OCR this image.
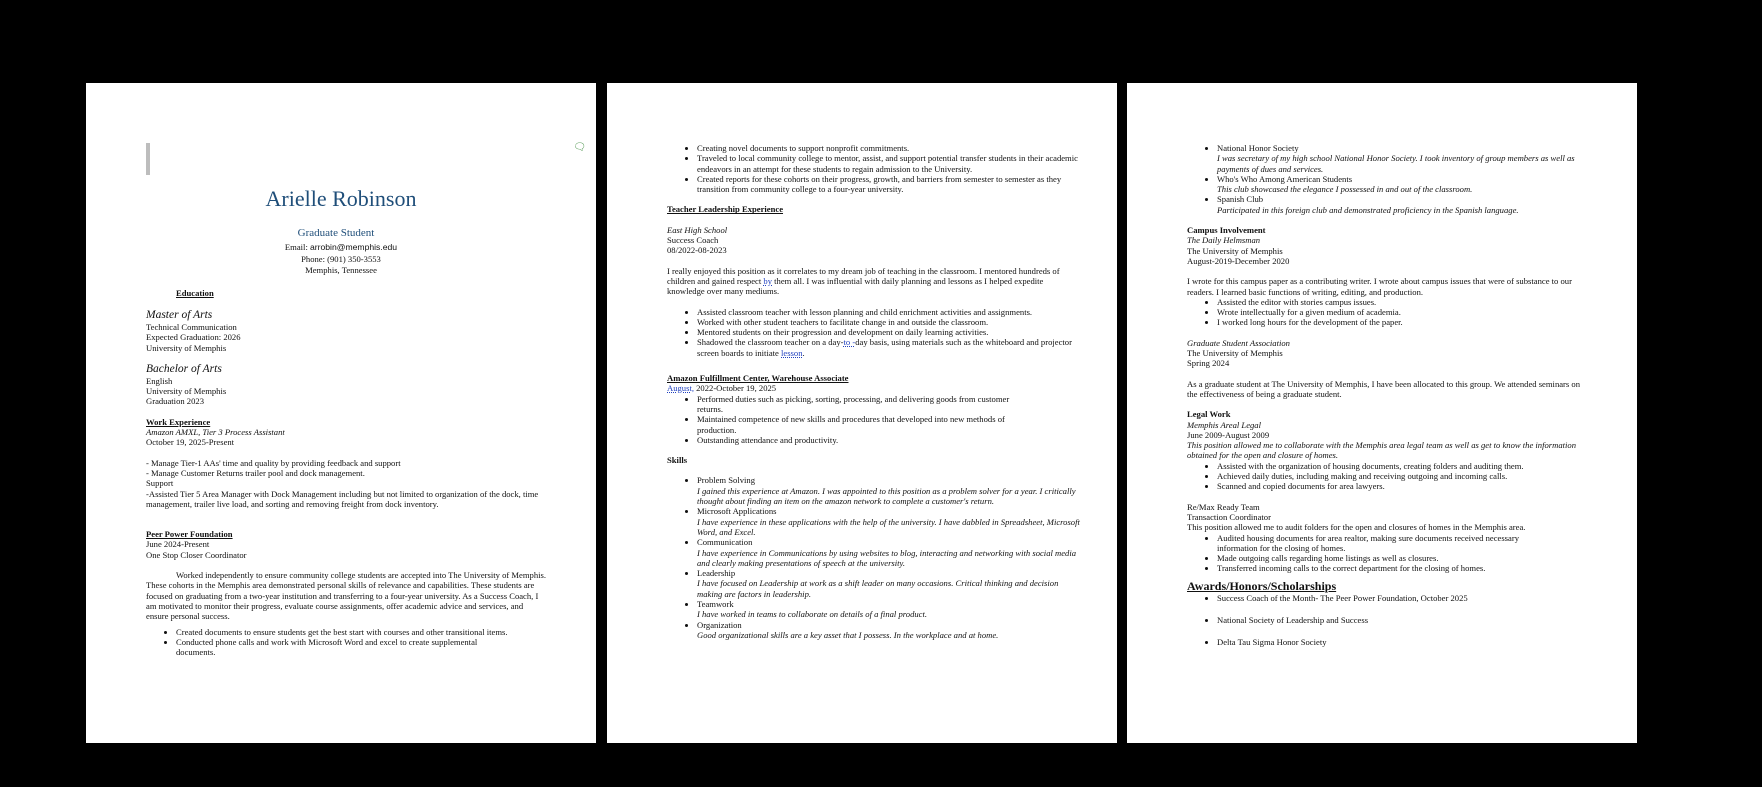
🗨
Arielle Robinson
Graduate Student
Email: arrobin@memphis.edu
Phone: (901) 350-3553
Memphis, Tennessee
Education
Master of Arts
Technical Communication
Expected Graduation: 2026
University of Memphis
Bachelor of Arts
English
University of Memphis
Graduation 2023
Work Experience
Amazon AMXL, Tier 3 Process Assistant
October 19, 2025-Present
- Manage Tier-1 AAs' time and quality by providing feedback and support
- Manage Customer Returns trailer pool and dock management.
Support
-Assisted Tier 5 Area Manager with Dock Management including but not limited to organization of the dock, time management, trailer live load, and sorting and removing freight from dock inventory.
Peer Power Foundation
June 2024-Present
One Stop Closer Coordinator
Worked independently to ensure community college students are accepted into The University of Memphis. These cohorts in the Memphis area demonstrated personal skills of relevance and capabilities. These students are focused on graduating from a two-year institution and transferring to a four-year university. As a Success Coach, I am motivated to monitor their progress, evaluate course assignments, offer academic advice and services, and ensure personal success.
• Created documents to ensure students get the best start with courses and other transitional items.
• Conducted phone calls and work with Microsoft Word and excel to create supplemental documents.
• Creating novel documents to support nonprofit commitments.
• Traveled to local community college to mentor, assist, and support potential transfer students in their academic endeavors in an attempt for these students to regain admission to the University.
• Created reports for these cohorts on their progress, growth, and barriers from semester to semester as they transition from community college to a four-year university.
Teacher Leadership Experience
East High School
Success Coach
08/2022-08-2023
I really enjoyed this position as it correlates to my dream job of teaching in the classroom. I mentored hundreds of children and gained respect by them all. I was influential with daily planning and lessons as I helped expedite knowledge over many mediums.
• Assisted classroom teacher with lesson planning and child enrichment activities and assignments.
• Worked with other student teachers to facilitate change in and outside the classroom.
• Mentored students on their progression and development on daily learning activities.
• Shadowed the classroom teacher on a day-to -day basis, using materials such as the whiteboard and projector screen boards to initiate lesson.
Amazon Fulfillment Center, Warehouse Associate
August, 2022-October 19, 2025
• Performed duties such as picking, sorting, processing, and delivering goods from customer returns.
• Maintained competence of new skills and procedures that developed into new methods of production.
• Outstanding attendance and productivity.
Skills
• Problem Solving
I gained this experience at Amazon. I was appointed to this position as a problem solver for a year. I critically thought about finding an item on the amazon network to complete a customer's return.
• Microsoft Applications
I have experience in these applications with the help of the university. I have dabbled in Spreadsheet, Microsoft Word, and Excel.
• Communication
I have experience in Communications by using websites to blog, interacting and networking with social media and clearly making presentations of speech at the university.
• Leadership
I have focused on Leadership at work as a shift leader on many occasions. Critical thinking and decision making are factors in leadership.
• Teamwork
I have worked in teams to collaborate on details of a final product.
• Organization
Good organizational skills are a key asset that I possess. In the workplace and at home.
• National Honor Society
I was secretary of my high school National Honor Society. I took inventory of group members as well as payments of dues and services.
• Who's Who Among American Students
This club showcased the elegance I possessed in and out of the classroom.
• Spanish Club
Participated in this foreign club and demonstrated proficiency in the Spanish language.
Campus Involvement
The Daily Helmsman
The University of Memphis
August-2019-December 2020
I wrote for this campus paper as a contributing writer. I wrote about campus issues that were of substance to our readers. I learned basic functions of writing, editing, and production.
• Assisted the editor with stories campus issues.
• Wrote intellectually for a given medium of academia.
• I worked long hours for the development of the paper.
Graduate Student Association
The University of Memphis
Spring 2024
As a graduate student at The University of Memphis, I have been allocated to this group. We attended seminars on the effectiveness of being a graduate student.
Legal Work
Memphis Areal Legal
June 2009-August 2009
This position allowed me to collaborate with the Memphis area legal team as well as get to know the information obtained for the open and closure of homes.
• Assisted with the organization of housing documents, creating folders and auditing them.
• Achieved daily duties, including making and receiving outgoing and incoming calls.
• Scanned and copied documents for area lawyers.
Re/Max Ready Team
Transaction Coordinator
This position allowed me to audit folders for the open and closures of homes in the Memphis area.
• Audited housing documents for area realtor, making sure documents received necessary information for the closing of homes.
• Made outgoing calls regarding home listings as well as closures.
• Transferred incoming calls to the correct department for the closing of homes.
Awards/Honors/Scholarships
• Success Coach of the Month- The Peer Power Foundation, October 2025
• National Society of Leadership and Success
• Delta Tau Sigma Honor Society
